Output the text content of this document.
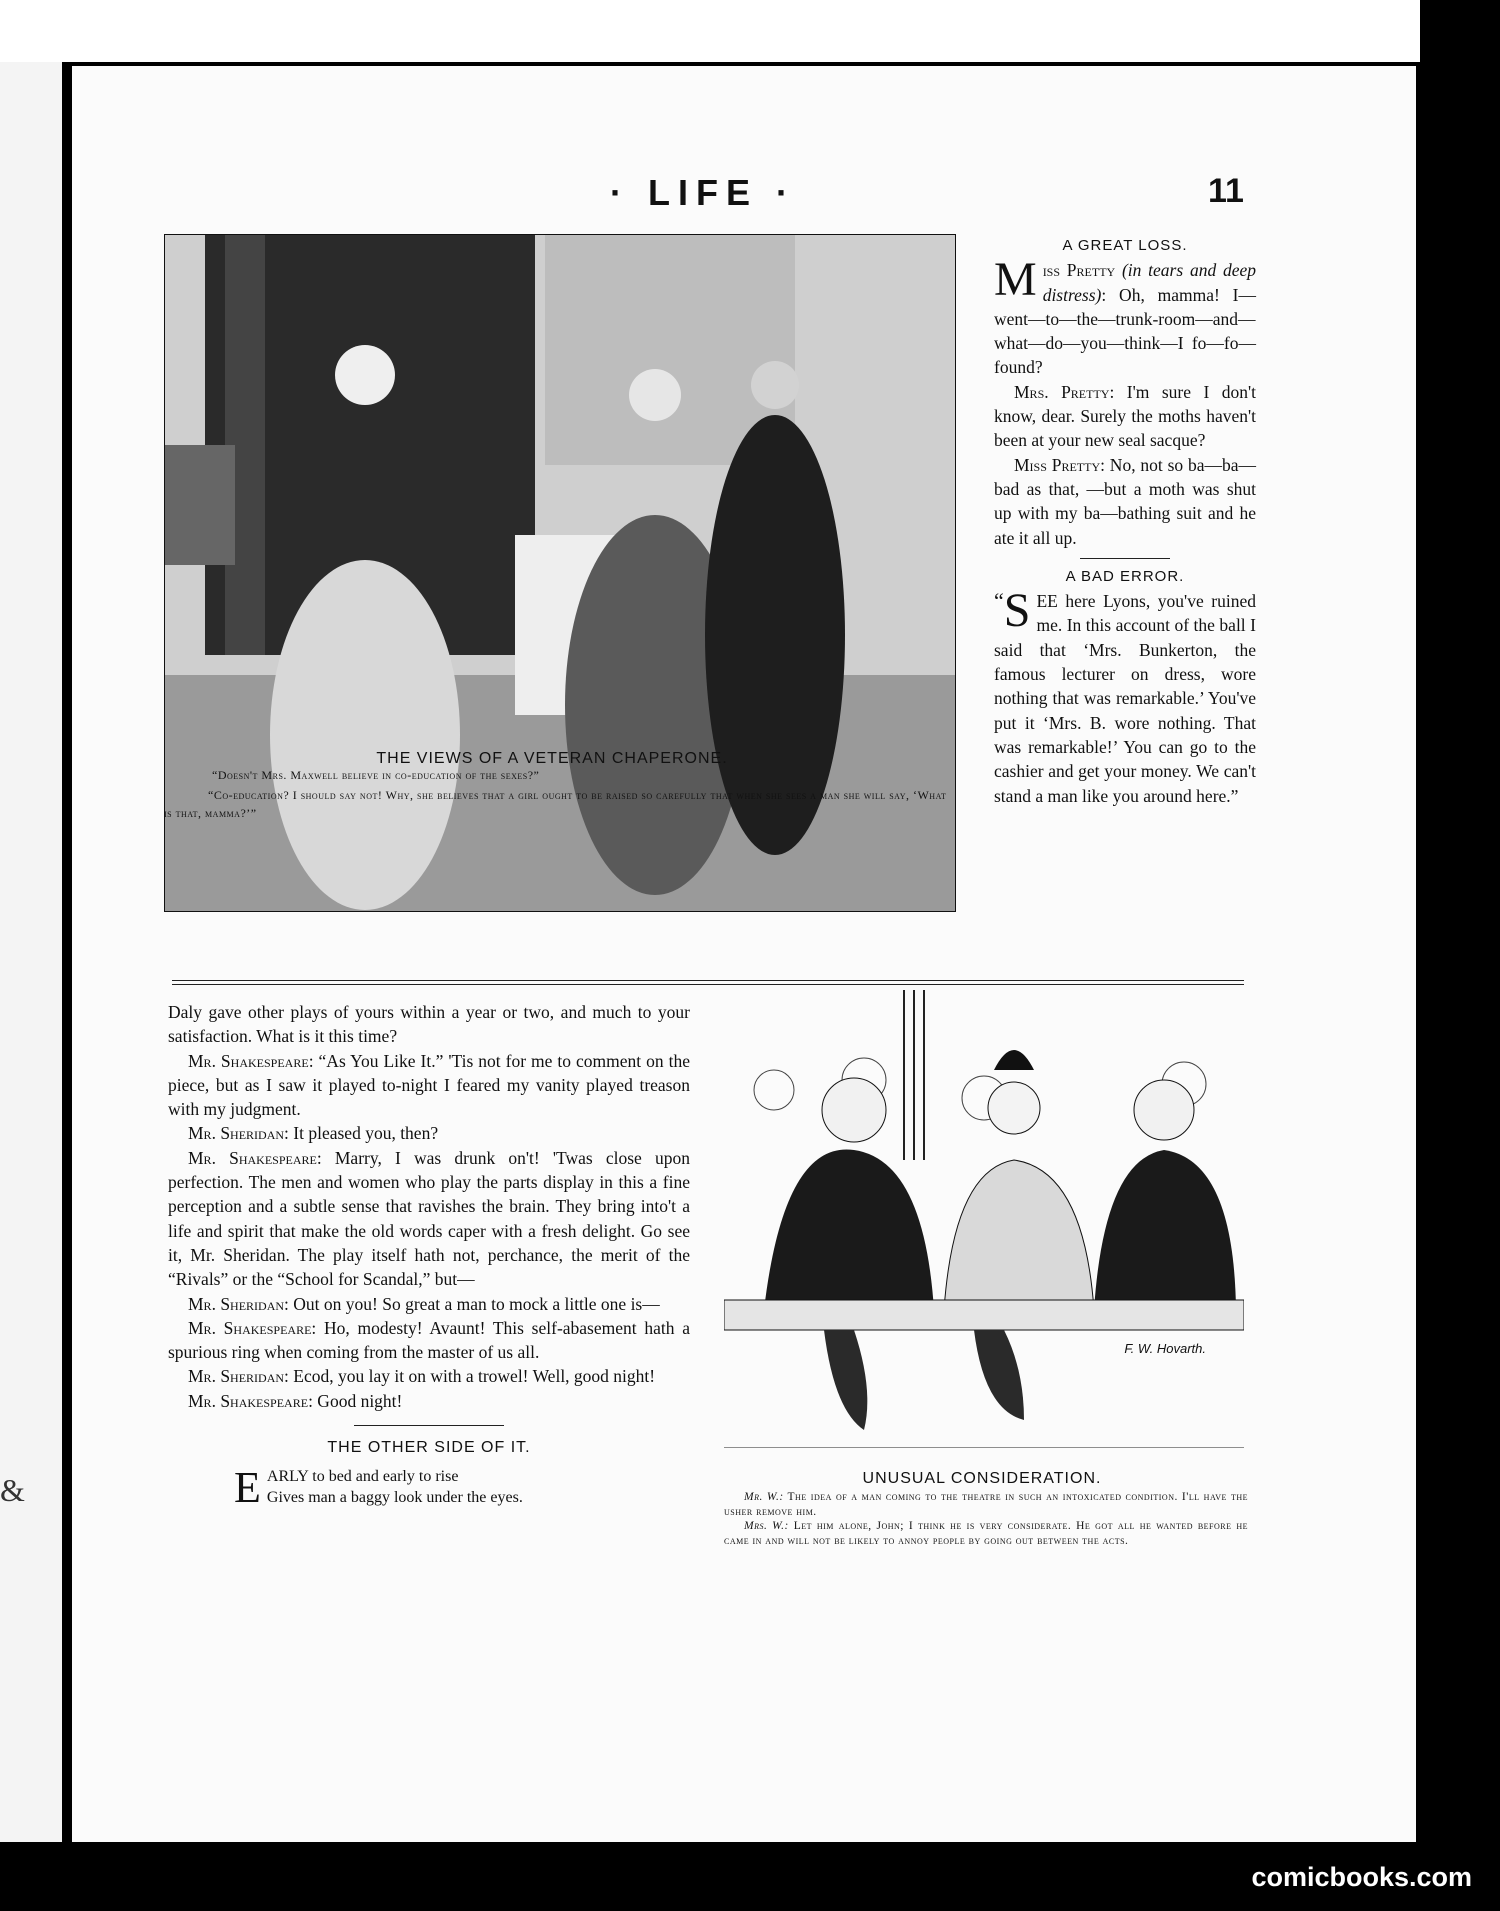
&
· LIFE ·	11
THE VIEWS OF A VETERAN CHAPERONE.
“Doesn't Mrs. Maxwell believe in co-education of the sexes?”
“Co-education? I should say not! Why, she believes that a girl ought to be raised so carefully that when she sees a man she will say, ‘What is that, mamma?’”

A GREAT LOSS.

Miss Pretty (in tears and deep distress): Oh, mamma! I—went—to—the—trunk-room—and—what—do—you—think—I fo—fo—found?

Mrs. Pretty: I'm sure I don't know, dear. Surely the moths haven't been at your new seal sacque?

Miss Pretty: No, not so ba—ba—bad as that, —but a moth was shut up with my ba—bathing suit and he ate it all up.

A BAD ERROR.

“ S EE here Lyons, you've ruined me. In this account of the ball I said that ‘Mrs. Bunkerton, the famous lecturer on dress, wore nothing that was remarkable.’ You've put it ‘Mrs. B. wore nothing. That was remarkable!’ You can go to the cashier and get your money. We can't stand a man like you around here.”

Daly gave other plays of yours within a year or two, and much to your satisfaction. What is it this time?

Mr. Shakespeare: “As You Like It.” 'Tis not for me to comment on the piece, but as I saw it played to-night I feared my vanity played treason with my judgment.

Mr. Sheridan: It pleased you, then?

Mr. Shakespeare: Marry, I was drunk on't! 'Twas close upon perfection. The men and women who play the parts display in this a fine perception and a subtle sense that ravishes the brain. They bring into't a life and spirit that make the old words caper with a fresh delight. Go see it, Mr. Sheridan. The play itself hath not, perchance, the merit of the “Rivals” or the “School for Scandal,” but—

Mr. Sheridan: Out on you! So great a man to mock a little one is—

Mr. Shakespeare: Ho, modesty! Avaunt! This self-abasement hath a spurious ring when coming from the master of us all.

Mr. Sheridan: Ecod, you lay it on with a trowel! Well, good night!

Mr. Shakespeare: Good night!

THE OTHER SIDE OF IT.

E ARLY to bed and early to rise
Gives man a baggy look under the eyes.
F. W. Hovarth.
UNUSUAL CONSIDERATION.
Mr. W.: The idea of a man coming to the theatre in such an intoxicated condition. I'll have the usher remove him.
Mrs. W.: Let him alone, John; I think he is very considerate. He got all he wanted before he came in and will not be likely to annoy people by going out between the acts.
comicbooks.com
